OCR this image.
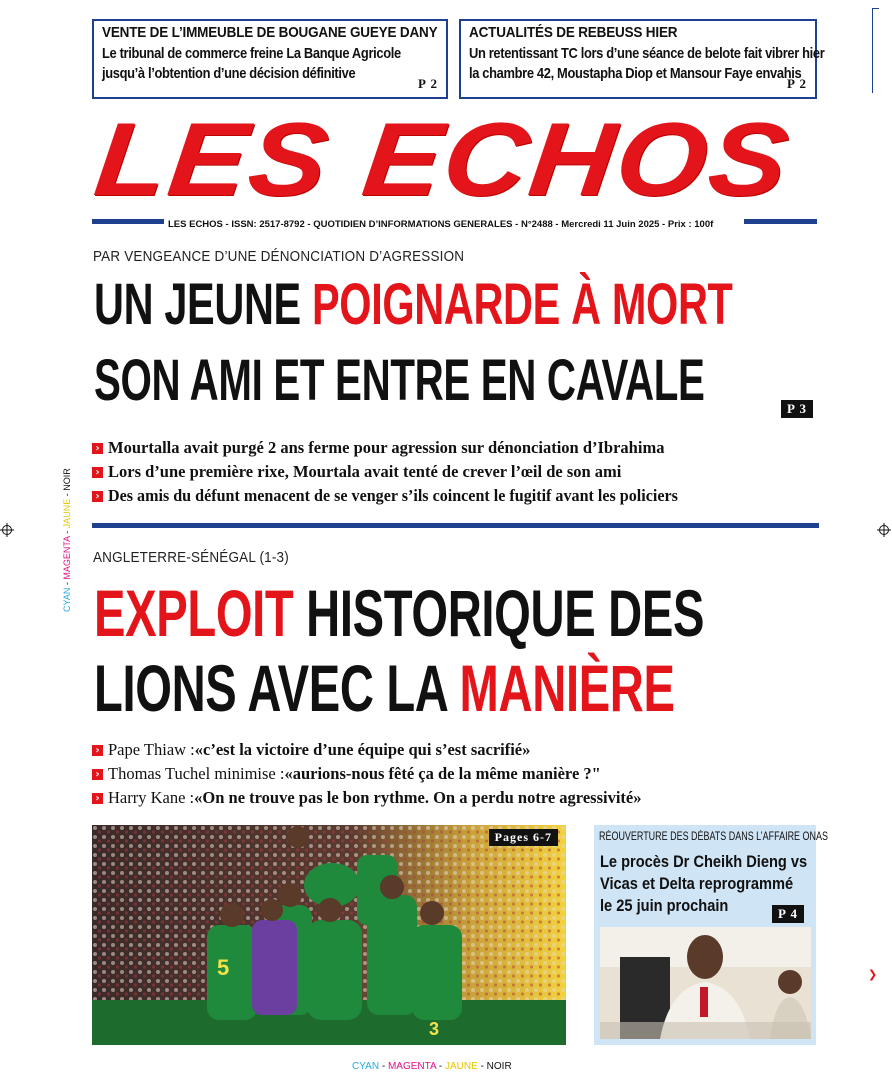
❯
CYAN - MAGENTA - JAUNE - NOIR
VENTE DE L’IMMEUBLE DE BOUGANE GUEYE DANY
Le tribunal de commerce freine La Banque Agricole
jusqu’à l’obtention d’une décision définitive
P 2
ACTUALITÉS DE REBEUSS HIER
Un retentissant TC lors d’une séance de belote fait vibrer hier
la chambre 42, Moustapha Diop et Mansour Faye envahis
P 2
LES ECHOS
LES ECHOS - ISSN: 2517-8792 - QUOTIDIEN D’INFORMATIONS GENERALES - N°2488 - Mercredi 11 Juin 2025 - Prix : 100f
PAR VENGEANCE D’UNE DÉNONCIATION D’AGRESSION
UN JEUNE POIGNARDE À MORT
SON AMI ET ENTRE EN CAVALE	P 3
› Mourtalla avait purgé 2 ans ferme pour agression sur dénonciation d’Ibrahima
› Lors d’une première rixe, Mourtala avait tenté de crever l’œil de son ami
› Des amis du défunt menacent de se venger s’ils coincent le fugitif avant les policiers
ANGLETERRE-SÉNÉGAL (1-3)
EXPLOIT HISTORIQUE DES
LIONS AVEC LA MANIÈRE
› Pape Thiaw : «c’est la victoire d’une équipe qui s’est sacrifié»
› Thomas Tuchel minimise : «aurions-nous fêté ça de la même manière ?"
› Harry Kane : «On ne trouve pas le bon rythme. On a perdu notre agressivité»
5
3
Pages 6-7	RÉOUVERTURE DES DÉBATS DANS L’AFFAIRE ONAS
Le procès Dr Cheikh Dieng vs
Vicas et Delta reprogrammé
le 25 juin prochain	P 4
CYAN - MAGENTA - JAUNE - NOIR
